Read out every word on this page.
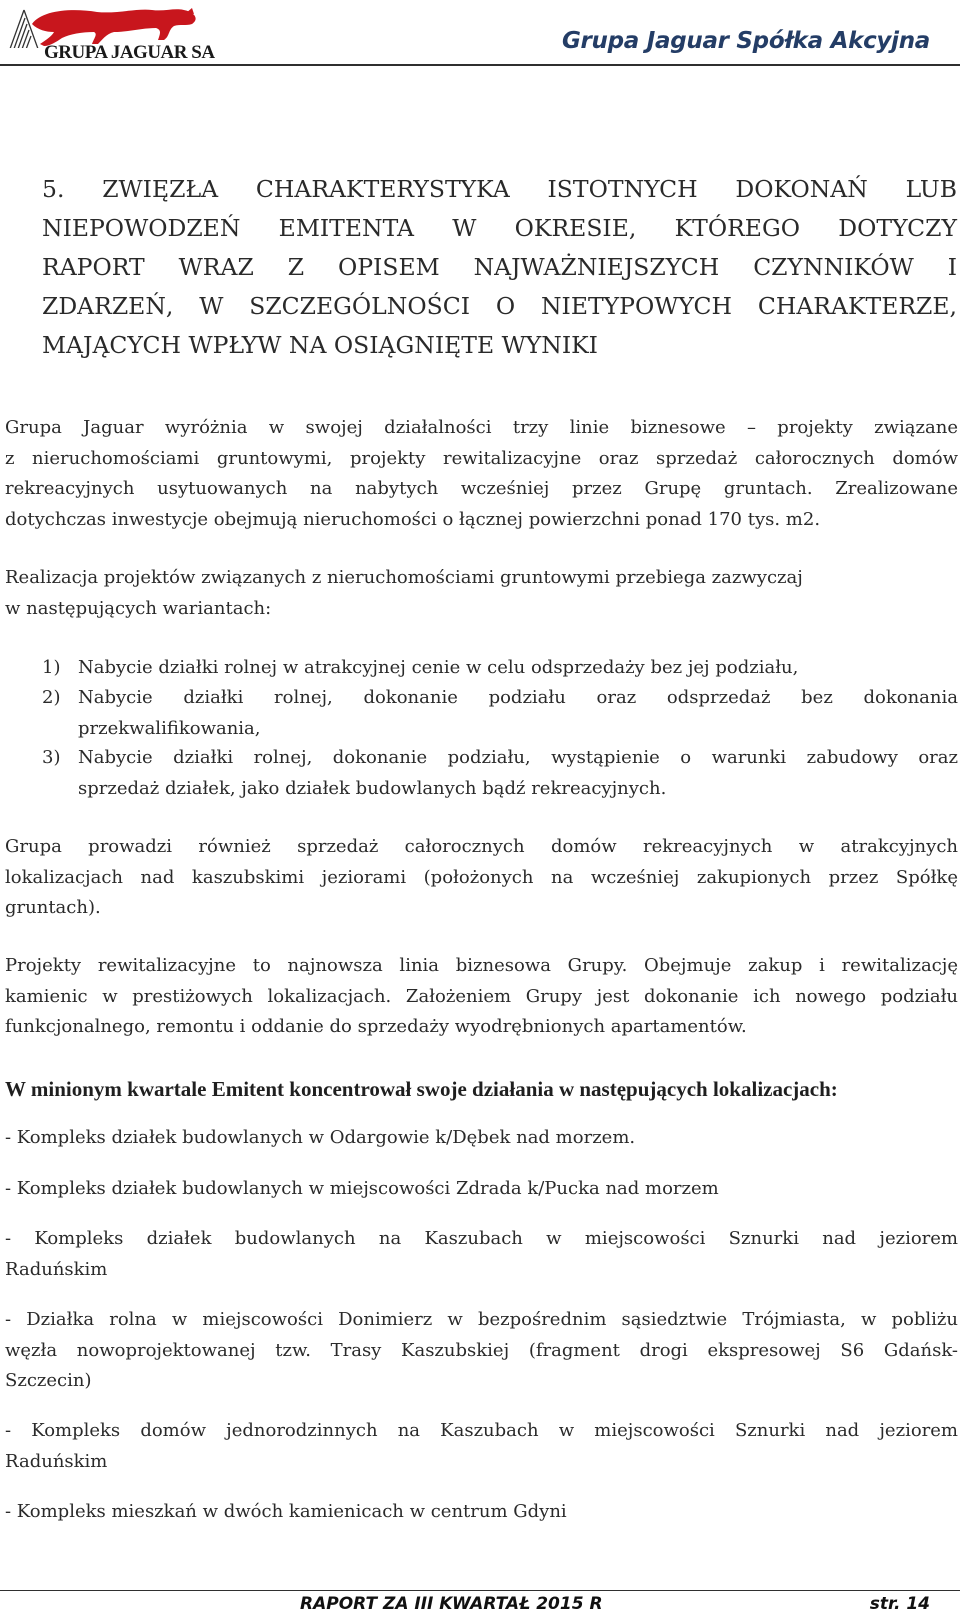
GRUPA JAGUAR SA	Grupa Jaguar Spółka Akcyjna
5. ZWIĘZŁA CHARAKTERYSTYKA ISTOTNYCH DOKONAŃ LUB
NIEPOWODZEŃ EMITENTA W OKRESIE, KTÓREGO DOTYCZY
RAPORT WRAZ Z OPISEM NAJWAŻNIEJSZYCH CZYNNIKÓW I
ZDARZEŃ, W SZCZEGÓLNOŚCI O NIETYPOWYCH CHARAKTERZE,
MAJĄCYCH WPŁYW NA OSIĄGNIĘTE WYNIKI
Grupa Jaguar wyróżnia w swojej działalności trzy linie biznesowe – projekty związane
z nieruchomościami gruntowymi, projekty rewitalizacyjne oraz sprzedaż całorocznych domów
rekreacyjnych usytuowanych na nabytych wcześniej przez Grupę gruntach. Zrealizowane
dotychczas inwestycje obejmują nieruchomości o łącznej powierzchni ponad 170 tys. m2.
Realizacja projektów związanych z nieruchomościami gruntowymi przebiega zazwyczaj
w następujących wariantach:
1) Nabycie działki rolnej w atrakcyjnej cenie w celu odsprzedaży bez jej podziału,
2) Nabycie działki rolnej, dokonanie podziału oraz odsprzedaż bez dokonania
przekwalifikowania,
3) Nabycie działki rolnej, dokonanie podziału, wystąpienie o warunki zabudowy oraz
sprzedaż działek, jako działek budowlanych bądź rekreacyjnych.
Grupa prowadzi również sprzedaż całorocznych domów rekreacyjnych w atrakcyjnych
lokalizacjach nad kaszubskimi jeziorami (położonych na wcześniej zakupionych przez Spółkę
gruntach).
Projekty rewitalizacyjne to najnowsza linia biznesowa Grupy. Obejmuje zakup i rewitalizację
kamienic w prestiżowych lokalizacjach. Założeniem Grupy jest dokonanie ich nowego podziału
funkcjonalnego, remontu i oddanie do sprzedaży wyodrębnionych apartamentów.
W minionym kwartale Emitent koncentrował swoje działania w następujących lokalizacjach:
- Kompleks działek budowlanych w Odargowie k/Dębek nad morzem.
- Kompleks działek budowlanych w miejscowości Zdrada k/Pucka nad morzem
- Kompleks działek budowlanych na Kaszubach w miejscowości Sznurki nad jeziorem
Raduńskim
- Działka rolna w miejscowości Donimierz w bezpośrednim sąsiedztwie Trójmiasta, w pobliżu
węzła nowoprojektowanej tzw. Trasy Kaszubskiej (fragment drogi ekspresowej S6 Gdańsk-
Szczecin)
- Kompleks domów jednorodzinnych na Kaszubach w miejscowości Sznurki nad jeziorem
Raduńskim
- Kompleks mieszkań w dwóch kamienicach w centrum Gdyni
RAPORT ZA III KWARTAŁ 2015 R	str. 14
